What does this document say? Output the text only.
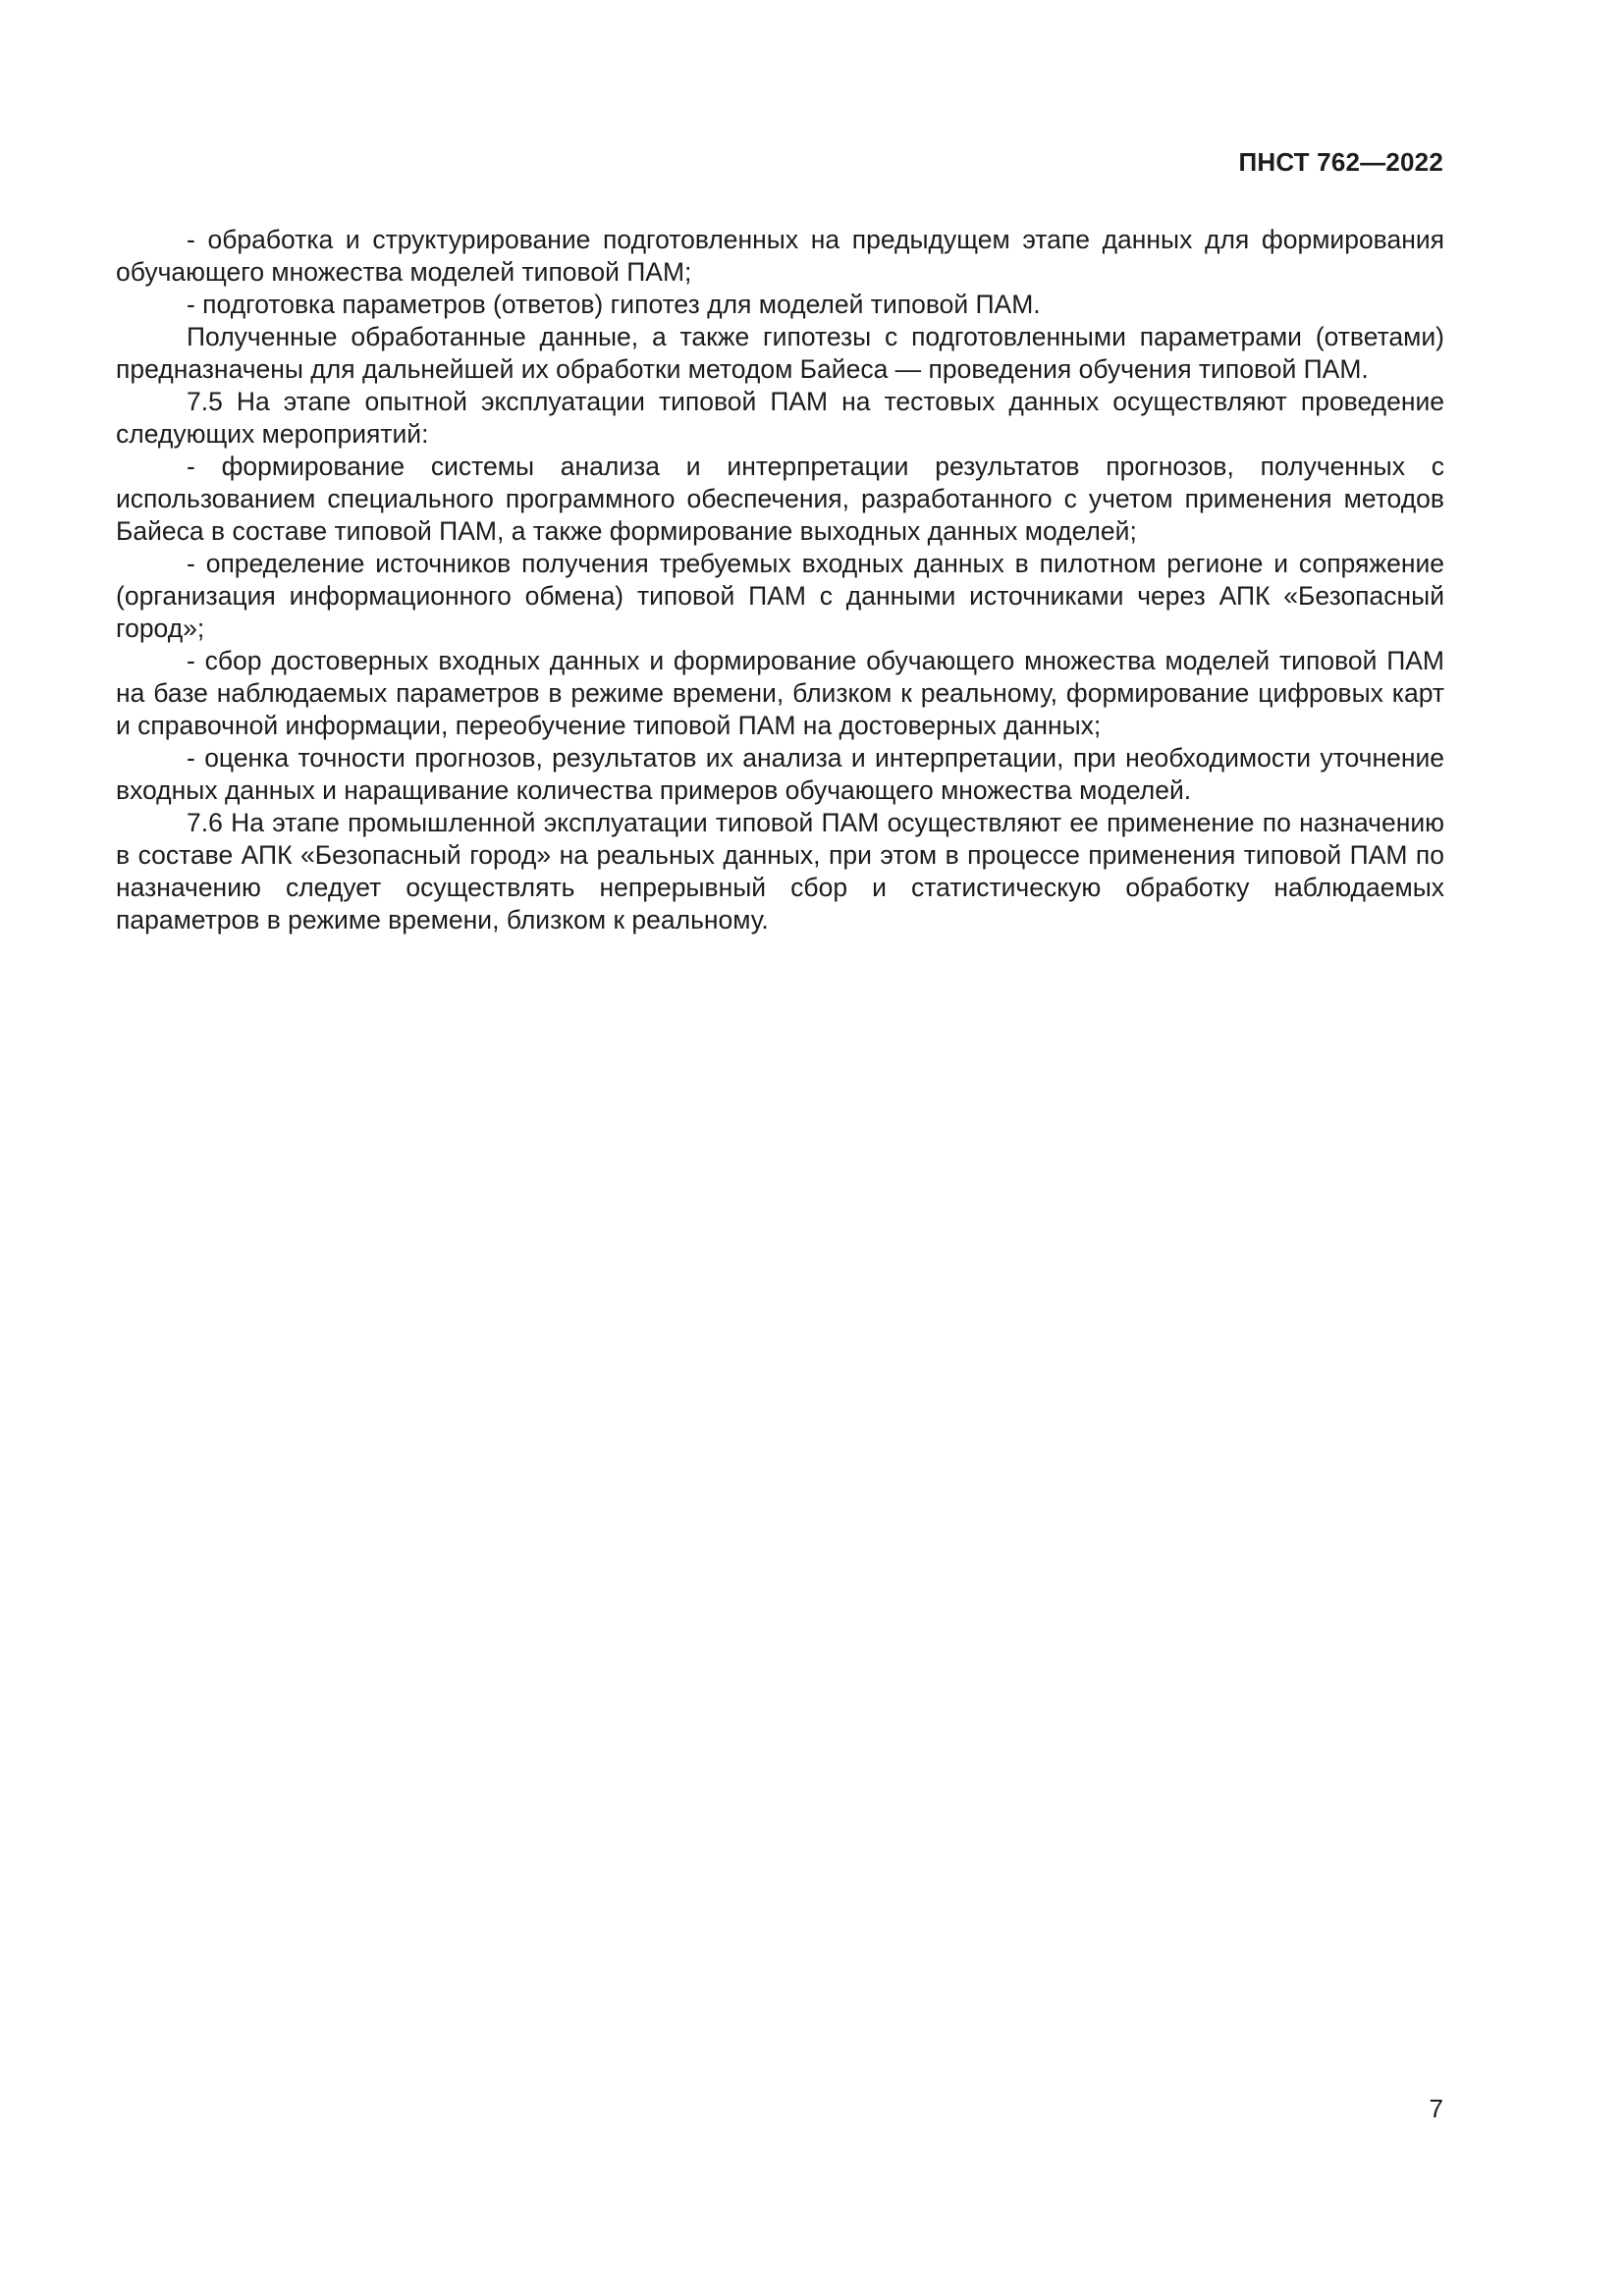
ПНСТ 762—2022

- обработка и структурирование подготовленных на предыдущем этапе данных для формирования обучающего множества моделей типовой ПАМ;

- подготовка параметров (ответов) гипотез для моделей типовой ПАМ.

Полученные обработанные данные, а также гипотезы с подготовленными параметрами (ответами) предназначены для дальнейшей их обработки методом Байеса — проведения обучения типовой ПАМ.

7.5 На этапе опытной эксплуатации типовой ПАМ на тестовых данных осуществляют проведение следующих мероприятий:

- формирование системы анализа и интерпретации результатов прогнозов, полученных с использованием специального программного обеспечения, разработанного с учетом применения методов Байеса в составе типовой ПАМ, а также формирование выходных данных моделей;

- определение источников получения требуемых входных данных в пилотном регионе и сопряжение (организация информационного обмена) типовой ПАМ с данными источниками через АПК «Безопасный город»;

- сбор достоверных входных данных и формирование обучающего множества моделей типовой ПАМ на базе наблюдаемых параметров в режиме времени, близком к реальному, формирование цифровых карт и справочной информации, переобучение типовой ПАМ на достоверных данных;

- оценка точности прогнозов, результатов их анализа и интерпретации, при необходимости уточнение входных данных и наращивание количества примеров обучающего множества моделей.

7.6 На этапе промышленной эксплуатации типовой ПАМ осуществляют ее применение по назначению в составе АПК «Безопасный город» на реальных данных, при этом в процессе применения типовой ПАМ по назначению следует осуществлять непрерывный сбор и статистическую обработку наблюдаемых параметров в режиме времени, близком к реальному.

7
